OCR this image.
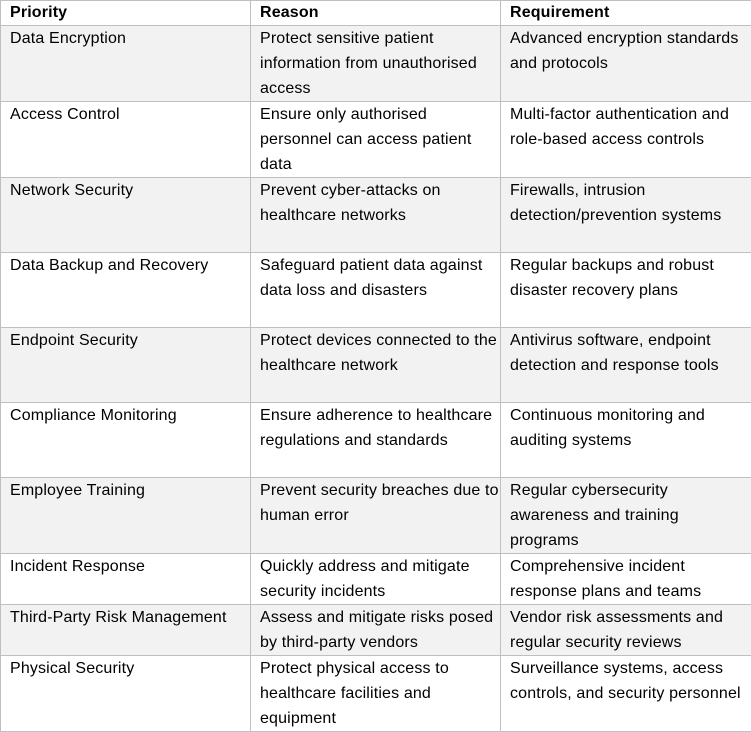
Priority	Reason	Requirement
Data Encryption	Protect sensitive patient information from unauthorised access	Advanced encryption standards and protocols
Access Control	Ensure only authorised personnel can access patient data	Multi-factor authentication and role-based access controls
Network Security	Prevent cyber-attacks on healthcare networks	Firewalls, intrusion detection/prevention systems
Data Backup and Recovery	Safeguard patient data against data loss and disasters	Regular backups and robust disaster recovery plans
Endpoint Security	Protect devices connected to the healthcare network	Antivirus software, endpoint detection and response tools
Compliance Monitoring	Ensure adherence to healthcare regulations and standards	Continuous monitoring and auditing systems
Employee Training	Prevent security breaches due to human error	Regular cybersecurity awareness and training programs
Incident Response	Quickly address and mitigate security incidents	Comprehensive incident response plans and teams
Third-Party Risk Management	Assess and mitigate risks posed by third-party vendors	Vendor risk assessments and regular security reviews
Physical Security	Protect physical access to healthcare facilities and equipment	Surveillance systems, access controls, and security personnel
